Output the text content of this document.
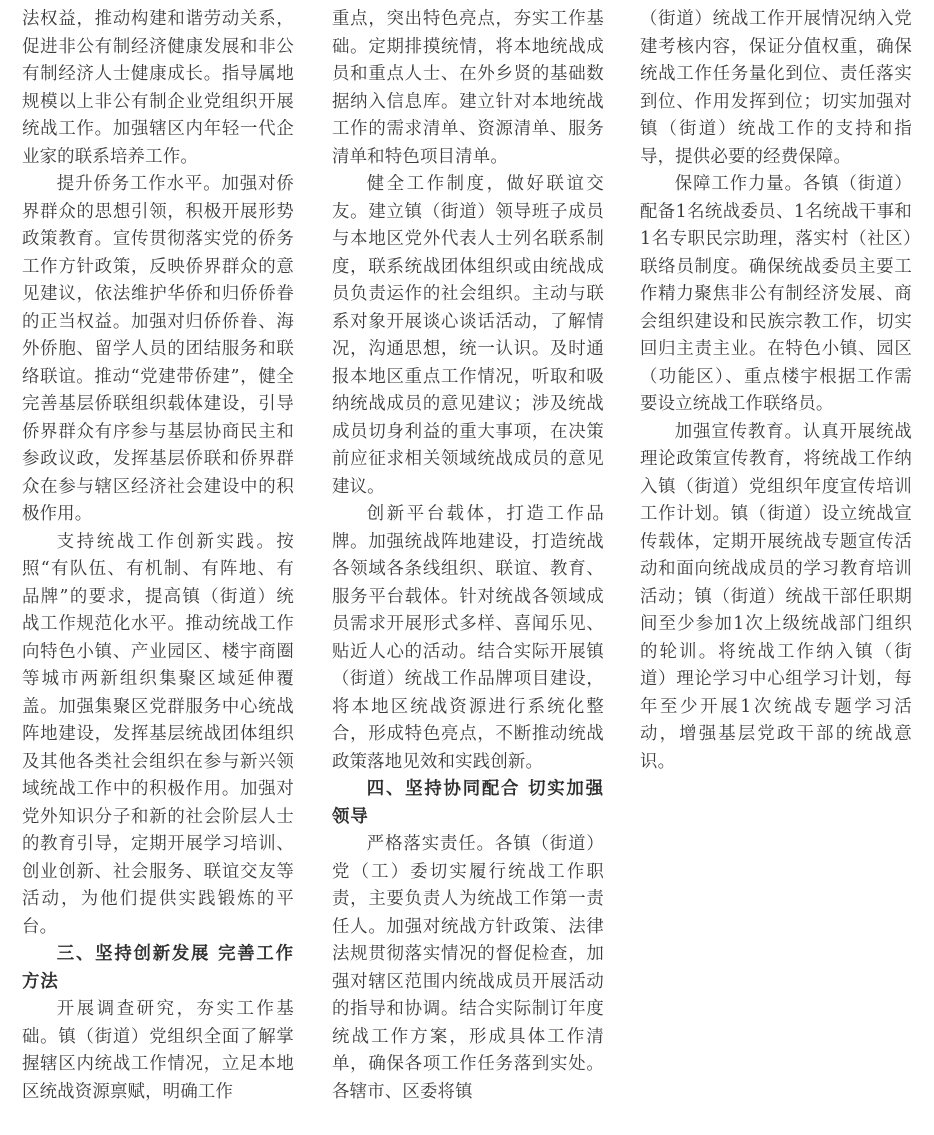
法权益，推动构建和谐劳动关系，促进非公有制经济健康发展和非公有制经济人士健康成长。指导属地规模以上非公有制企业党组织开展统战工作。加强辖区内年轻一代企业家的联系培养工作。

提升侨务工作水平。加强对侨界群众的思想引领，积极开展形势政策教育。宣传贯彻落实党的侨务工作方针政策，反映侨界群众的意见建议，依法维护华侨和归侨侨眷的正当权益。加强对归侨侨眷、海外侨胞、留学人员的团结服务和联络联谊。推动“党建带侨建”，健全完善基层侨联组织载体建设，引导侨界群众有序参与基层协商民主和参政议政，发挥基层侨联和侨界群众在参与辖区经济社会建设中的积极作用。

支持统战工作创新实践。按照“有队伍、有机制、有阵地、有品牌”的要求，提高镇（街道）统战工作规范化水平。推动统战工作向特色小镇、产业园区、楼宇商圈等城市两新组织集聚区域延伸覆盖。加强集聚区党群服务中心统战阵地建设，发挥基层统战团体组织及其他各类社会组织在参与新兴领域统战工作中的积极作用。加强对党外知识分子和新的社会阶层人士的教育引导，定期开展学习培训、创业创新、社会服务、联谊交友等活动，为他们提供实践锻炼的平台。

三、坚持创新发展 完善工作方法

开展调查研究，夯实工作基础。镇（街道）党组织全面了解掌握辖区内统战工作情况，立足本地区统战资源禀赋，明确工作

重点，突出特色亮点，夯实工作基础。定期排摸统情，将本地统战成员和重点人士、在外乡贤的基础数据纳入信息库。建立针对本地统战工作的需求清单、资源清单、服务清单和特色项目清单。

健全工作制度，做好联谊交友。建立镇（街道）领导班子成员与本地区党外代表人士列名联系制度，联系统战团体组织或由统战成员负责运作的社会组织。主动与联系对象开展谈心谈话活动，了解情况，沟通思想，统一认识。及时通报本地区重点工作情况，听取和吸纳统战成员的意见建议；涉及统战成员切身利益的重大事项，在决策前应征求相关领域统战成员的意见建议。

创新平台载体，打造工作品牌。加强统战阵地建设，打造统战各领域各条线组织、联谊、教育、服务平台载体。针对统战各领域成员需求开展形式多样、喜闻乐见、贴近人心的活动。结合实际开展镇（街道）统战工作品牌项目建设，将本地区统战资源进行系统化整合，形成特色亮点，不断推动统战政策落地见效和实践创新。

四、坚持协同配合 切实加强领导

严格落实责任。各镇（街道）党（工）委切实履行统战工作职责，主要负责人为统战工作第一责任人。加强对统战方针政策、法律法规贯彻落实情况的督促检查，加强对辖区范围内统战成员开展活动的指导和协调。结合实际制订年度统战工作方案，形成具体工作清单，确保各项工作任务落到实处。各辖市、区委将镇

（街道）统战工作开展情况纳入党建考核内容，保证分值权重，确保统战工作任务量化到位、责任落实到位、作用发挥到位；切实加强对镇（街道）统战工作的支持和指导，提供必要的经费保障。

保障工作力量。各镇（街道）配备1名统战委员、1名统战干事和1名专职民宗助理，落实村（社区）联络员制度。确保统战委员主要工作精力聚焦非公有制经济发展、商会组织建设和民族宗教工作，切实回归主责主业。在特色小镇、园区（功能区）、重点楼宇根据工作需要设立统战工作联络员。

加强宣传教育。认真开展统战理论政策宣传教育，将统战工作纳入镇（街道）党组织年度宣传培训工作计划。镇（街道）设立统战宣传载体，定期开展统战专题宣传活动和面向统战成员的学习教育培训活动；镇（街道）统战干部任职期间至少参加1次上级统战部门组织的轮训。将统战工作纳入镇（街道）理论学习中心组学习计划，每年至少开展1次统战专题学习活动，增强基层党政干部的统战意识。
